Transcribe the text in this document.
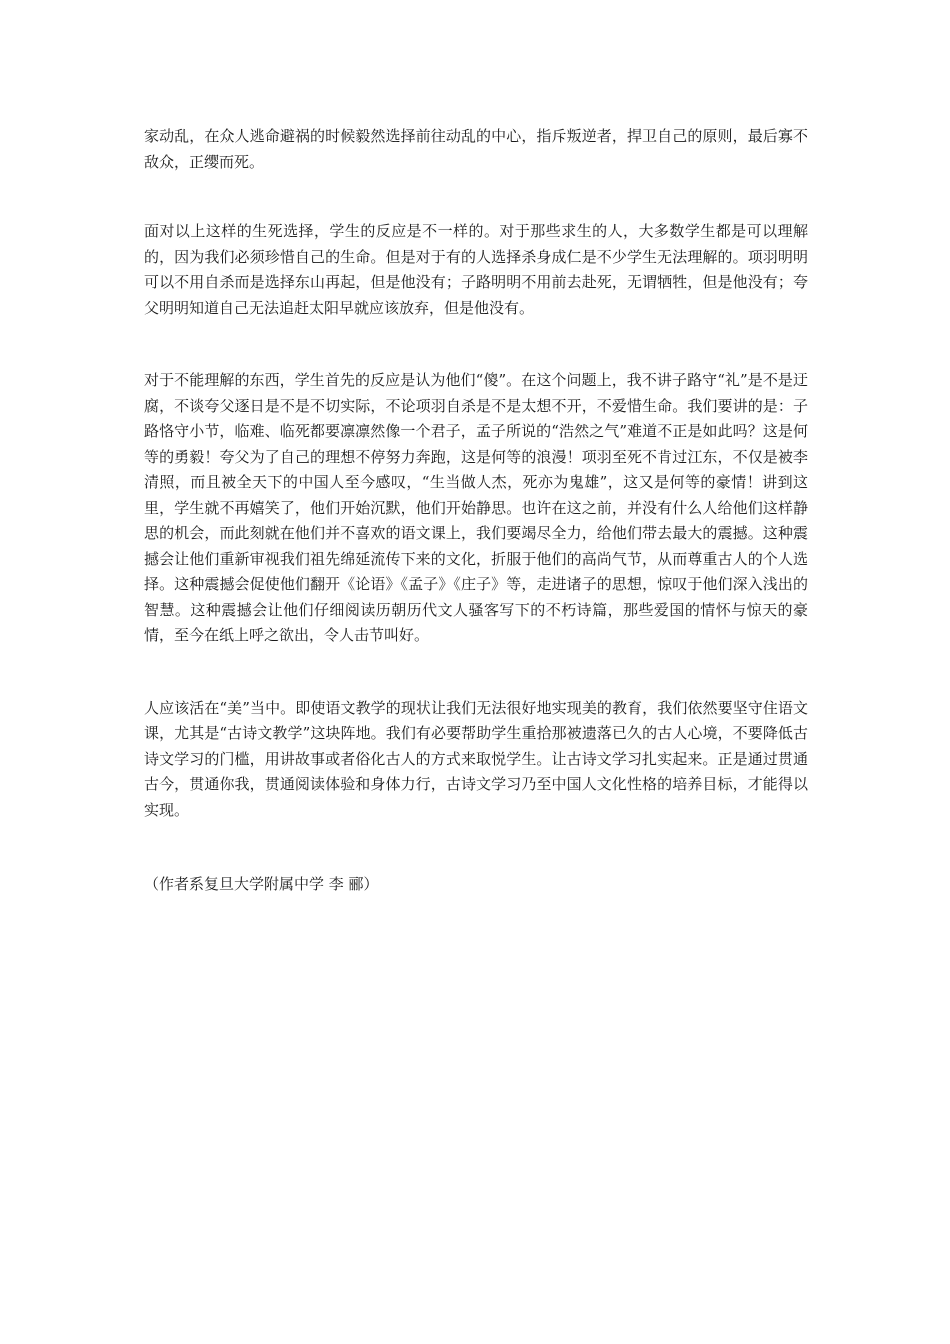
家动乱，在众人逃命避祸的时候毅然选择前往动乱的中心，指斥叛逆者，捍卫自己的原则，最后寡不敌众，正缨而死。

面对以上这样的生死选择，学生的反应是不一样的。对于那些求生的人，大多数学生都是可以理解的，因为我们必须珍惜自己的生命。但是对于有的人选择杀身成仁是不少学生无法理解的。项羽明明可以不用自杀而是选择东山再起，但是他没有；子路明明不用前去赴死，无谓牺牲，但是他没有；夸父明明知道自己无法追赶太阳早就应该放弃，但是他没有。

对于不能理解的东西，学生首先的反应是认为他们“傻”。在这个问题上，我不讲子路守“礼”是不是迂腐，不谈夸父逐日是不是不切实际，不论项羽自杀是不是太想不开，不爱惜生命。我们要讲的是：子路恪守小节，临难、临死都要凛凛然像一个君子，孟子所说的“浩然之气”难道不正是如此吗？这是何等的勇毅！夸父为了自己的理想不停努力奔跑，这是何等的浪漫！项羽至死不肯过江东，不仅是被李清照，而且被全天下的中国人至今感叹，“生当做人杰，死亦为鬼雄”，这又是何等的豪情！讲到这里，学生就不再嬉笑了，他们开始沉默，他们开始静思。也许在这之前，并没有什么人给他们这样静思的机会，而此刻就在他们并不喜欢的语文课上，我们要竭尽全力，给他们带去最大的震撼。这种震撼会让他们重新审视我们祖先绵延流传下来的文化，折服于他们的高尚气节，从而尊重古人的个人选择。这种震撼会促使他们翻开《论语》《孟子》《庄子》等，走进诸子的思想，惊叹于他们深入浅出的智慧。这种震撼会让他们仔细阅读历朝历代文人骚客写下的不朽诗篇，那些爱国的情怀与惊天的豪情，至今在纸上呼之欲出，令人击节叫好。

人应该活在“美”当中。即使语文教学的现状让我们无法很好地实现美的教育，我们依然要坚守住语文课，尤其是“古诗文教学”这块阵地。我们有必要帮助学生重拾那被遗落已久的古人心境，不要降低古诗文学习的门槛，用讲故事或者俗化古人的方式来取悦学生。让古诗文学习扎实起来。正是通过贯通古今，贯通你我，贯通阅读体验和身体力行，古诗文学习乃至中国人文化性格的培养目标，才能得以实现。

（作者系复旦大学附属中学 李 郦）
